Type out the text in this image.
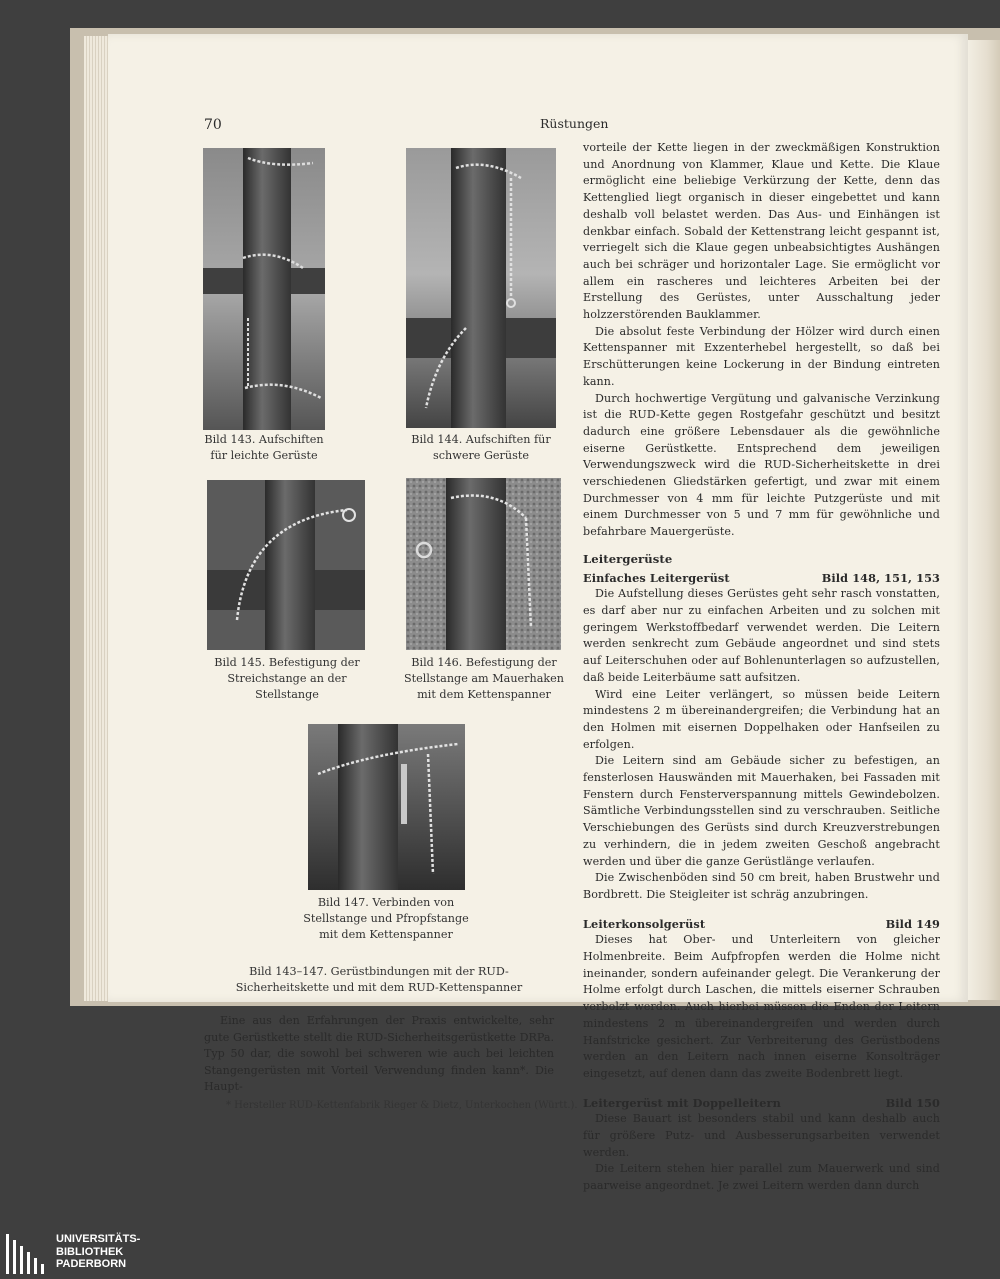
70	Rüstungen
Bild 143. Aufschiften für leichte Gerüste
Bild 144. Aufschiften für schwere Gerüste
Bild 145. Befestigung der Streichstange an der Stellstange
Bild 146. Befestigung der Stellstange am Mauerhaken mit dem Kettenspanner
Bild 147. Verbinden von Stellstange und Pfropfstange mit dem Kettenspanner
Bild 143–147. Gerüstbindungen mit der RUD-Sicherheitskette und mit dem RUD-Kettenspanner

Eine aus den Erfahrungen der Praxis entwickelte, sehr gute Gerüstkette stellt die RUD-Sicherheitsgerüstkette DRPa. Typ 50 dar, die sowohl bei schweren wie auch bei leichten Stangengerüsten mit Vorteil Verwendung finden kann*. Die Haupt-

* Hersteller RUD-Kettenfabrik Rieger & Dietz, Unterkochen (Württ.).

vorteile der Kette liegen in der zweckmäßigen Konstruktion und Anordnung von Klammer, Klaue und Kette. Die Klaue ermöglicht eine beliebige Verkürzung der Kette, denn das Kettenglied liegt organisch in dieser eingebettet und kann deshalb voll belastet werden. Das Aus- und Einhängen ist denkbar einfach. Sobald der Kettenstrang leicht gespannt ist, verriegelt sich die Klaue gegen unbeabsichtigtes Aushängen auch bei schräger und horizontaler Lage. Sie ermöglicht vor allem ein rascheres und leichteres Arbeiten bei der Erstellung des Gerüstes, unter Ausschaltung jeder holzzerstörenden Bauklammer.

Die absolut feste Verbindung der Hölzer wird durch einen Kettenspanner mit Exzenterhebel hergestellt, so daß bei Erschütterungen keine Lockerung in der Bindung eintreten kann.

Durch hochwertige Vergütung und galvanische Verzinkung ist die RUD-Kette gegen Rostgefahr geschützt und besitzt dadurch eine größere Lebensdauer als die gewöhnliche eiserne Gerüstkette. Entsprechend dem jeweiligen Verwendungszweck wird die RUD-Sicherheitskette in drei verschiedenen Gliedstärken gefertigt, und zwar mit einem Durchmesser von 4 mm für leichte Putzgerüste und mit einem Durchmesser von 5 und 7 mm für gewöhnliche und befahrbare Mauergerüste.

Leitergerüste
Einfaches Leitergerüst	Bild 148, 151, 153

Die Aufstellung dieses Gerüstes geht sehr rasch vonstatten, es darf aber nur zu einfachen Arbeiten und zu solchen mit geringem Werkstoffbedarf verwendet werden. Die Leitern werden senkrecht zum Gebäude angeordnet und sind stets auf Leiterschuhen oder auf Bohlenunterlagen so aufzustellen, daß beide Leiterbäume satt aufsitzen.

Wird eine Leiter verlängert, so müssen beide Leitern mindestens 2 m übereinandergreifen; die Verbindung hat an den Holmen mit eisernen Doppelhaken oder Hanfseilen zu erfolgen.

Die Leitern sind am Gebäude sicher zu befestigen, an fensterlosen Hauswänden mit Mauerhaken, bei Fassaden mit Fenstern durch Fensterverspannung mittels Gewindebolzen. Sämtliche Verbindungsstellen sind zu verschrauben. Seitliche Verschiebungen des Gerüsts sind durch Kreuzverstrebungen zu verhindern, die in jedem zweiten Geschoß angebracht werden und über die ganze Gerüstlänge verlaufen.

Die Zwischenböden sind 50 cm breit, haben Brustwehr und Bordbrett. Die Steigleiter ist schräg anzubringen.

Leiterkonsolgerüst	Bild 149

Dieses hat Ober- und Unterleitern von gleicher Holmenbreite. Beim Aufpfropfen werden die Holme nicht ineinander, sondern aufeinander gelegt. Die Verankerung der Holme erfolgt durch Laschen, die mittels eiserner Schrauben verbolzt werden. Auch hierbei müssen die Enden der Leitern mindestens 2 m übereinandergreifen und werden durch Hanfstricke gesichert. Zur Verbreiterung des Gerüstbodens werden an den Leitern nach innen eiserne Konsolträger eingesetzt, auf denen dann das zweite Bodenbrett liegt.

Leitergerüst mit Doppelleitern	Bild 150

Diese Bauart ist besonders stabil und kann deshalb auch für größere Putz- und Ausbesserungsarbeiten verwendet werden.

Die Leitern stehen hier parallel zum Mauerwerk und sind paarweise angeordnet. Je zwei Leitern werden dann durch

UNIVERSITÄTS-
BIBLIOTHEK
PADERBORN
